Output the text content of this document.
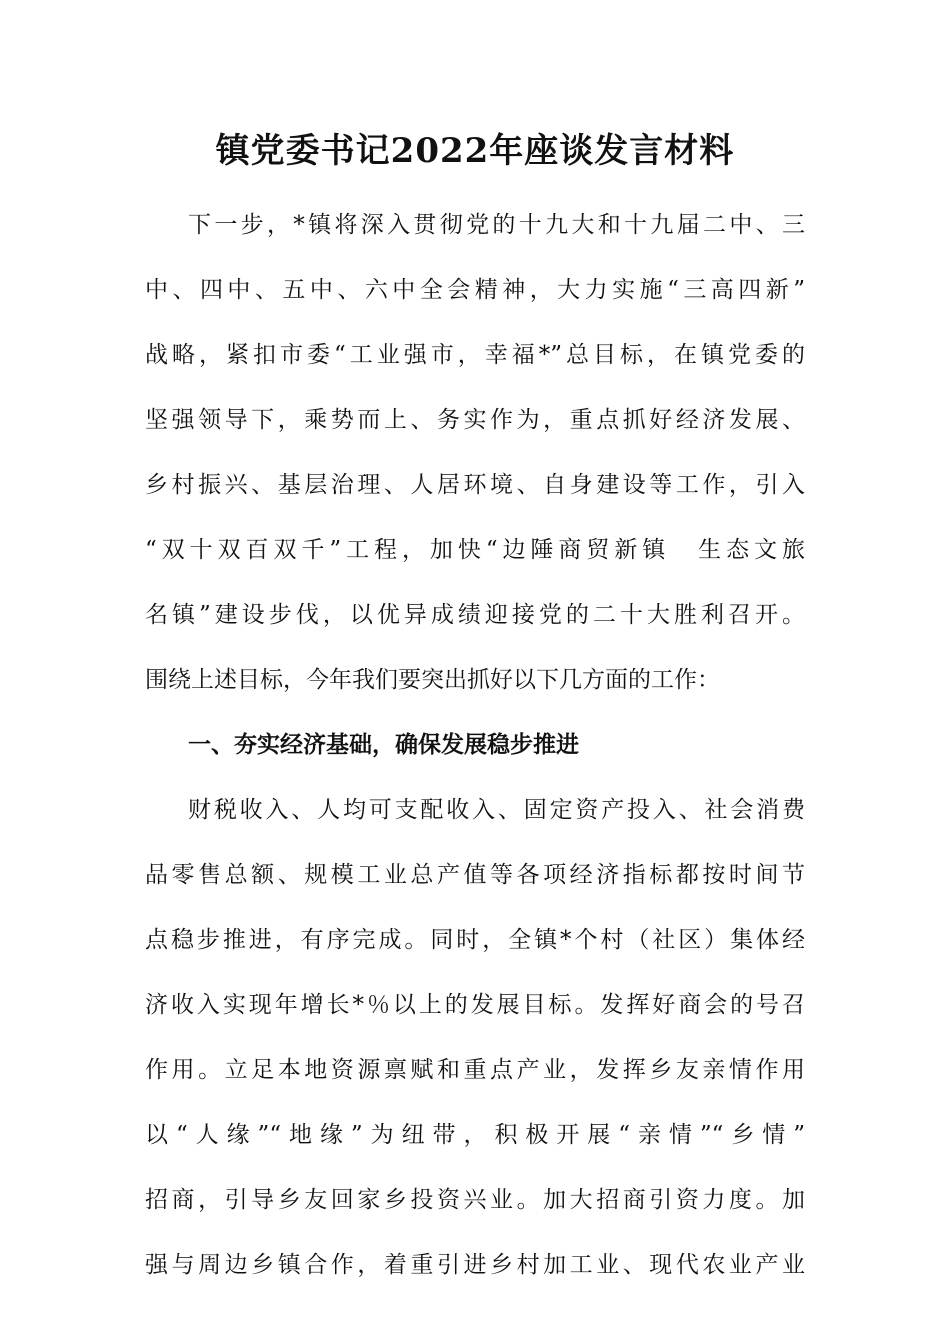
镇党委书记2022年座谈发言材料

下一步，*镇将深入贯彻党的十九大和十九届二中、三

中、四中、五中、六中全会精神，大力实施“三高四新”

战略，紧扣市委“工业强市，幸福*”总目标，在镇党委的

坚强领导下，乘势而上、务实作为，重点抓好经济发展、

乡村振兴、基层治理、人居环境、自身建设等工作，引入

“双十双百双千”工程，加快“边陲商贸新镇　生态文旅

名镇”建设步伐，以优异成绩迎接党的二十大胜利召开。

围绕上述目标，今年我们要突出抓好以下几方面的工作：

一、夯实经济基础，确保发展稳步推进

财税收入、人均可支配收入、固定资产投入、社会消费

品零售总额、规模工业总产值等各项经济指标都按时间节

点稳步推进，有序完成。同时，全镇*个村（社区）集体经

济收入实现年增长*％以上的发展目标。发挥好商会的号召

作用。立足本地资源禀赋和重点产业，发挥乡友亲情作用

以“人缘”“地缘”为纽带，积极开展“亲情”“乡情”

招商，引导乡友回家乡投资兴业。加大招商引资力度。加

强与周边乡镇合作，着重引进乡村加工业、现代农业产业
